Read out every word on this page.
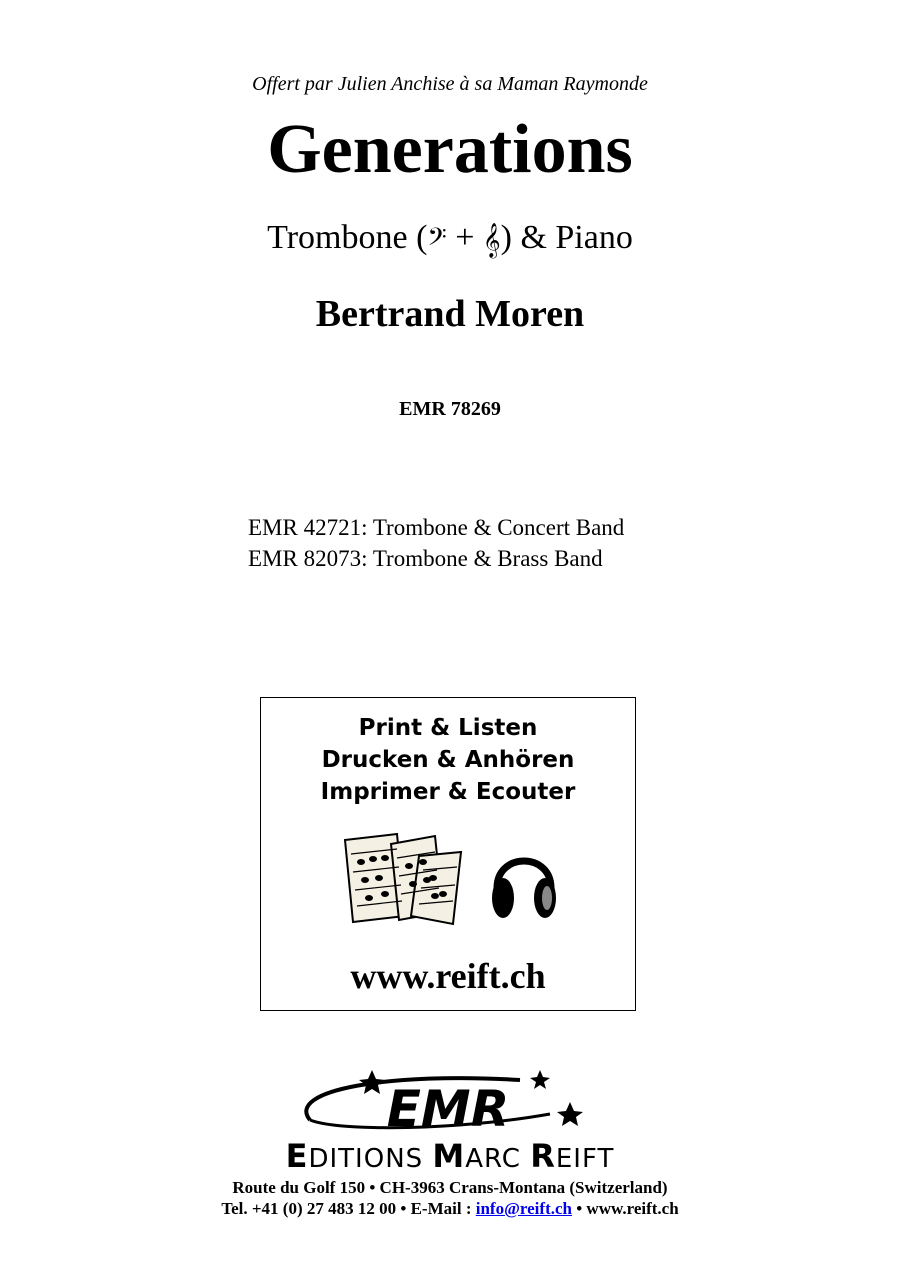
Offert par Julien Anchise à sa Maman Raymonde
Generations
Trombone (𝄢 + 𝄞) & Piano
Bertrand Moren
EMR 78269
EMR 42721: Trombone & Concert Band
EMR 82073: Trombone & Brass Band
Print & Listen
Drucken & Anhören
Imprimer & Ecouter
www.reift.ch
EMR
EDITIONS MARC REIFT
Route du Golf 150 • CH-3963 Crans-Montana (Switzerland)
Tel. +41 (0) 27 483 12 00 • E-Mail : info@reift.ch • www.reift.ch
